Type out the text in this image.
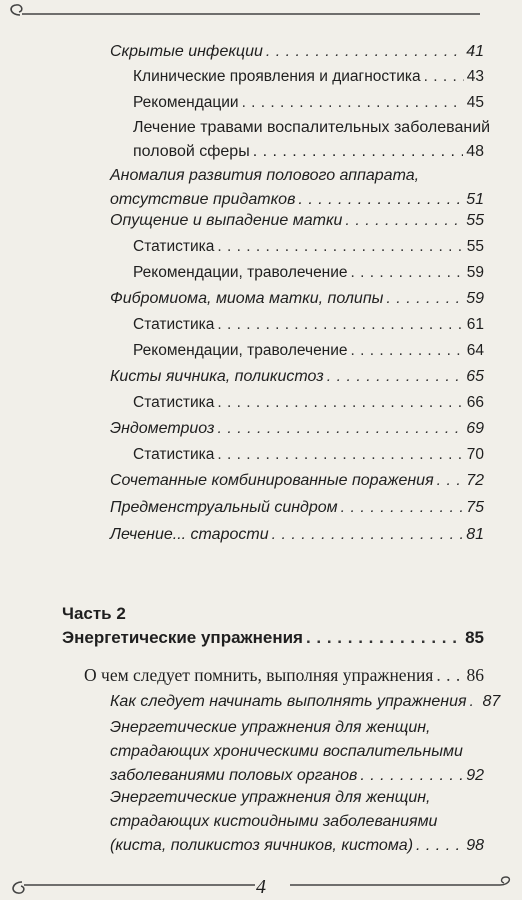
Скрытые инфекции . . .	41
Клинические проявления и диагностика . . .	43
Рекомендации . . .	45
Лечение травами воспалительных заболеваний
половой сферы . . .	48
Аномалия развития полового аппарата,
отсутствие придатков . . .	51
Опущение и выпадение матки . . .	55
Статистика . . .	55
Рекомендации, траволечение . . .	59
Фибромиома, миома матки, полипы . . .	59
Статистика . . .	61
Рекомендации, траволечение . . .	64
Кисты яичника, поликистоз . . .	65
Статистика . . .	66
Эндометриоз . . .	69
Статистика . . .	70
Сочетанные комбинированные поражения . . . 72
Предменструальный синдром . . .	75
Лечение... старости . . .	81
Часть 2
Энергетические упражнения . . .	85
О чем следует помнить, выполняя упражнения . . . 86
Как следует начинать выполнять упражнения . . . 87
Энергетические упражнения для женщин,
страдающих хроническими воспалительными
заболеваниями половых органов . . .	92
Энергетические упражнения для женщин,
страдающих кистоидными заболеваниями
(киста, поликистоз яичников, кистома) . . .	98
4
